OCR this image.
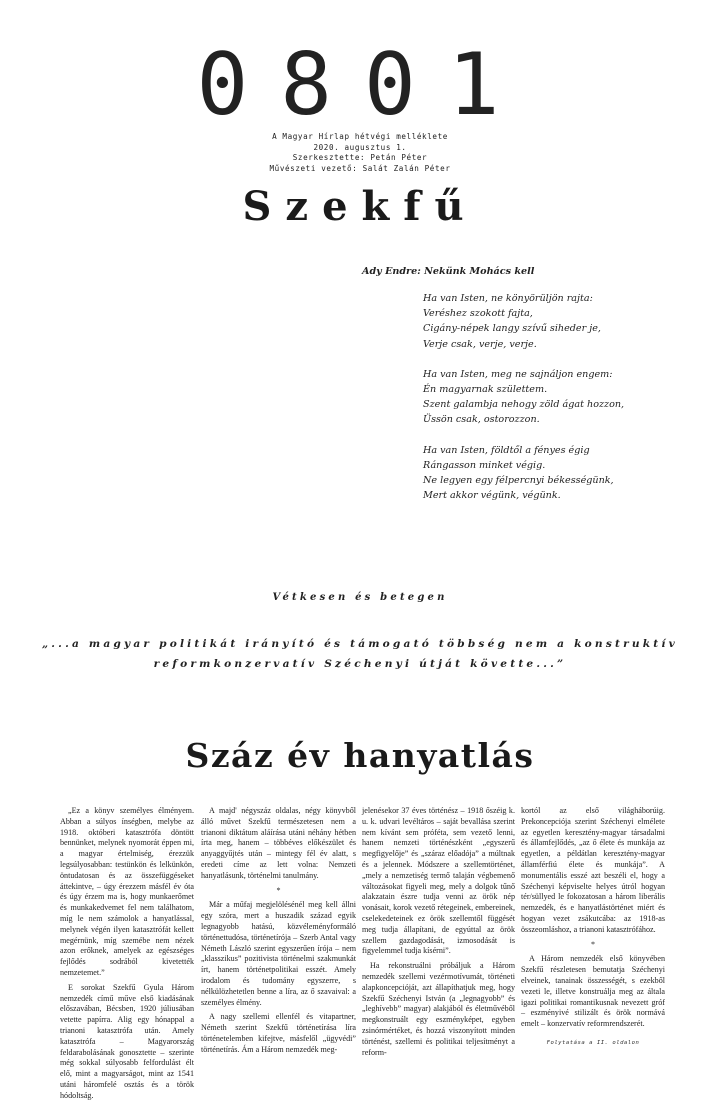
0801
A Magyar Hírlap hétvégi melléklete
2020. augusztus 1.
Szerkesztette: Petán Péter
Művészeti vezető: Salát Zalán Péter
Szekfű
Ady Endre: Nekünk Mohács kell
Ha van Isten, ne könyörüljön rajta:
Veréshez szokott fajta,
Cigány-népek langy szívű siheder je,
Verje csak, verje, verje.
Ha van Isten, meg ne sajnáljon engem:
Én magyarnak születtem.
Szent galambja nehogy zöld ágat hozzon,
Üssön csak, ostorozzon.
Ha van Isten, földtől a fényes égig
Rángasson minket végig.
Ne legyen egy félpercnyi békességünk,
Mert akkor végünk, végünk.
Vétkesen és betegen
„...a magyar politikát irányító és támogató többség nem a konstruktív
reformkonzervatív Széchenyi útját követte...”
Száz év hanyatlás

„Ez a könyv személyes élményem. Abban a súlyos ínségben, melybe az 1918. októberi katasztrófa döntött bennünket, melynek nyomorát éppen mi, a magyar értelmiség, érezzük legsúlyosabban: testünkön és lelkünkön, öntudatosan és az összefüggéseket áttekintve, – úgy érezzem másfél év óta és úgy érzem ma is, hogy munkaerőmet és munkakedvemet fel nem találhatom, míg le nem számolok a hanyatlással, melynek végén ilyen katasztrófát kellett megérnünk, míg szemébe nem nézek azon erőknek, amelyek az egészséges fejlődés sodrából kivetették nemzetemet.”

E sorokat Szekfű Gyula Három nemzedék című műve első kiadásának előszavában, Bécsben, 1920 júliusában vetette papírra. Alig egy hónappal a trianoni katasztrófa után. Amely katasztrófa – Magyarország feldarabolásának gonosztette – szerinte még sokkal súlyosabb felfordulást élt elő, mint a magyarságot, mint az 1541 utáni háromfelé osztás és a török hódoltság.

A majd' négyszáz oldalas, négy könyvből álló művet Szekfű természetesen nem a trianoni diktátum aláírása utáni néhány hétben írta meg, hanem – többéves előkészület és anyaggyűjtés után – mintegy fél év alatt, s eredeti címe az lett volna: Nemzeti hanyatlásunk, történelmi tanulmány.

*

Már a műfaj megjelölésénél meg kell állni egy szóra, mert a huszadik század egyik legnagyobb hatású, közvéleményformáló történettudósa, történetírója – Szerb Antal vagy Németh László szerint egyszerűen írója – nem „klasszikus” pozitivista történelmi szakmunkát írt, hanem történetpolitikai esszét. Amely irodalom és tudomány egyszerre, s nélkülözhetetlen benne a líra, az ő szavaival: a személyes élmény.

A nagy szellemi ellenfél és vitapartner, Németh szerint Szekfű történetírása líra történetelemben kifejtve, másfelől „ügyvédi” történetírás. Ám a Három nemzedék meg-

jelenésekor 37 éves történész – 1918 őszéig k. u. k. udvari levéltáros – saját bevallása szerint nem kívánt sem próféta, sem vezető lenni, hanem nemzeti történészként „egyszerű megfigyelője” és „száraz előadója” a múltnak és a jelennek. Módszere a szellemtörténet, „mely a nemzetiség termő talaján végbemenő változásokat figyeli meg, mely a dolgok tűnő alakzatain észre tudja venni az örök nép vonásait, korok vezető rétegeinek, embereinek, cselekedeteinek ez örök szellemtől függését meg tudja állapítani, de egyúttal az örök szellem gazdagodását, izmosodását is figyelemmel tudja kísérni”.

Ha rekonstruálni próbáljuk a Három nemzedék szellemi vezérmotívumát, történeti alapkoncepcióját, azt állapíthatjuk meg, hogy Szekfű Széchenyi István (a „legnagyobb” és „leghívebb” magyar) alakjából és életművéből megkonstruált egy eszményképet, egyben zsinórmértéket, és hozzá viszonyított minden történést, szellemi és politikai teljesítményt a reform-

kortól az első világháborúig. Prekoncepciója szerint Széchenyi elmélete az egyetlen keresztény-magyar társadalmi és államfejlődés, „az ő élete és munkája az egyetlen, a példátlan keresztény-magyar államférfiú élete és munkája”. A monumentális esszé azt beszéli el, hogy a Széchenyi képviselte helyes útról hogyan tér/süllyed le fokozatosan a három liberális nemzedék, és e hanyatlástörténet miért és hogyan vezet zsákutcába: az 1918-as összeomláshoz, a trianoni katasztrófához.

*

A Három nemzedék első könyvében Szekfű részletesen bemutatja Széchenyi elveinek, tanainak összességét, s ezekből vezeti le, illetve konstruálja meg az általa igazi politikai romantikusnak nevezett gróf – eszményivé stilizált és örök normává emelt – konzervatív reformrendszerét.

Folytatása a II. oldalon
